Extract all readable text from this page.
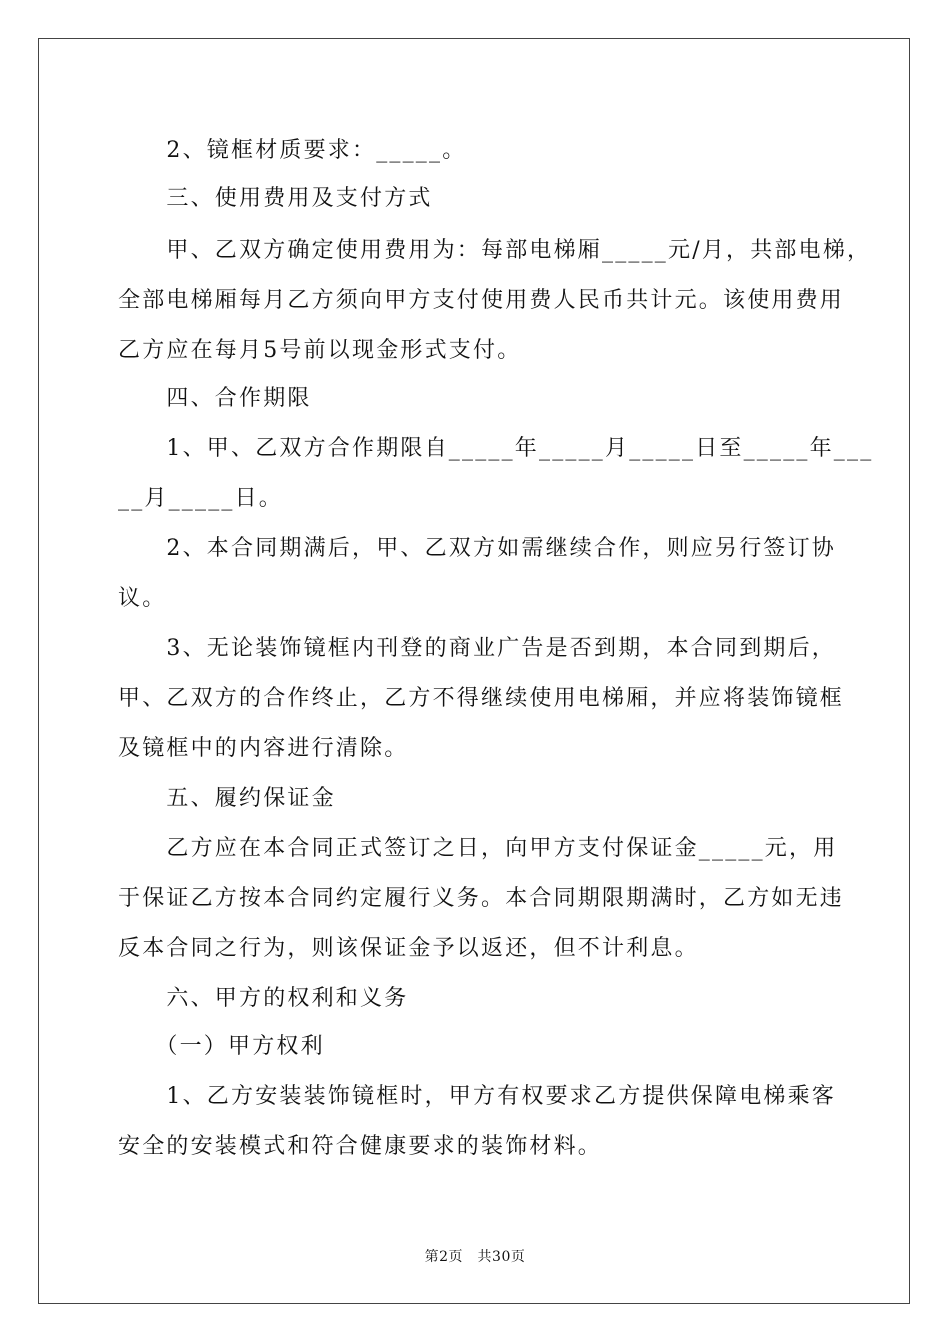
　　2、镜框材质要求：_____。
　　三、使用费用及支付方式
　　甲、乙双方确定使用费用为：每部电梯厢_____元/月，共部电梯，
全部电梯厢每月乙方须向甲方支付使用费人民币共计元。该使用费用
乙方应在每月5号前以现金形式支付。
　　四、合作期限
　　1、甲、乙双方合作期限自_____年_____月_____日至_____年___
__月_____日。
　　2、本合同期满后，甲、乙双方如需继续合作，则应另行签订协
议。
　　3、无论装饰镜框内刊登的商业广告是否到期，本合同到期后，
甲、乙双方的合作终止，乙方不得继续使用电梯厢，并应将装饰镜框
及镜框中的内容进行清除。
　　五、履约保证金
　　乙方应在本合同正式签订之日，向甲方支付保证金_____元，用
于保证乙方按本合同约定履行义务。本合同期限期满时，乙方如无违
反本合同之行为，则该保证金予以返还，但不计利息。
　　六、甲方的权利和义务
　　（一）甲方权利
　　1、乙方安装装饰镜框时，甲方有权要求乙方提供保障电梯乘客
安全的安装模式和符合健康要求的装饰材料。
第2页　共30页
